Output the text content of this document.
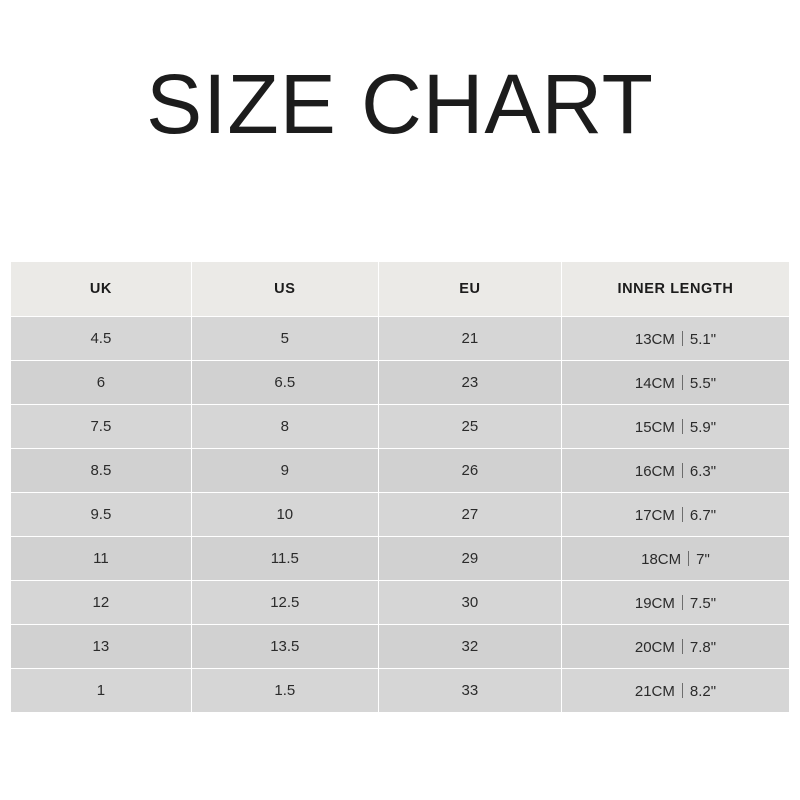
SIZE CHART
UK	US	EU	INNER LENGTH
4.5	5	21	13CM｜5.1"
6	6.5	23	14CM｜5.5"
7.5	8	25	15CM｜5.9"
8.5	9	26	16CM｜6.3"
9.5	10	27	17CM｜6.7"
11	11.5	29	18CM｜7"
12	12.5	30	19CM｜7.5"
13	13.5	32	20CM｜7.8"
1	1.5	33	21CM｜8.2"
